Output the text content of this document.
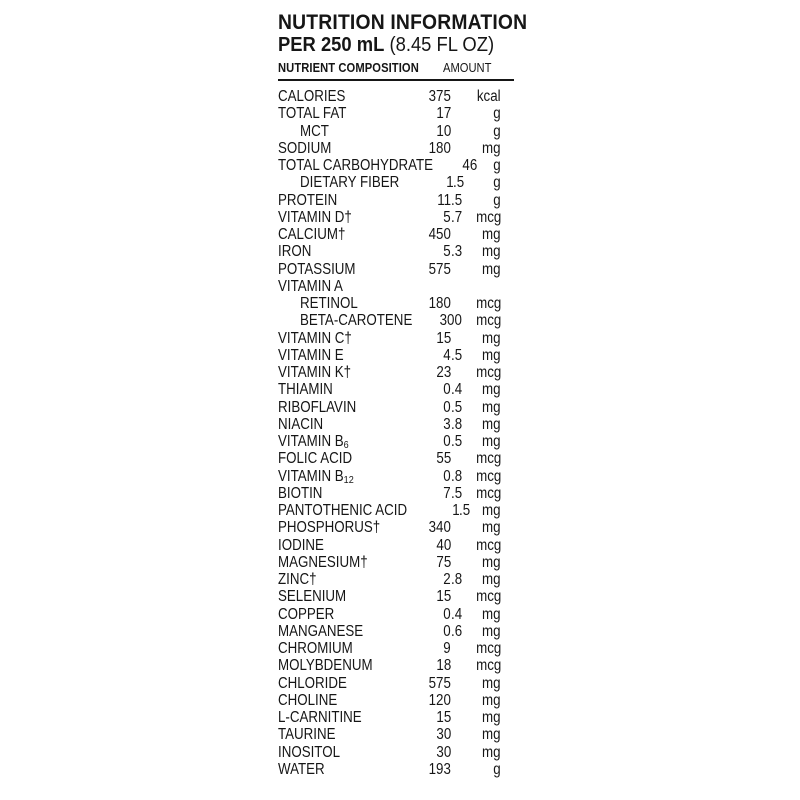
NUTRITION INFORMATION
PER 250 mL (8.45 FL OZ)
NUTRIENT COMPOSITION AMOUNT
CALORIES	375	kcal
TOTAL FAT	17	g
MCT	10	g
SODIUM	180	mg
TOTAL CARBOHYDRATE	46	g
DIETARY FIBER	1 .5	g
PROTEIN	11 .5	g
VITAMIN D†	5 .7 mcg
CALCIUM†	450	mg
IRON	5 .3	mg
POTASSIUM	575	mg
VITAMIN A
RETINOL	180	mcg
BETA-CAROTENE	300 mcg
VITAMIN C†	15	mg
VITAMIN E	4 .5	mg
VITAMIN K†	23	mcg
THIAMIN	0 .4	mg
RIBOFLAVIN	0 .5	mg
NIACIN	3 .8	mg
VITAMIN B6	0 .5	mg
FOLIC ACID	55	mcg
VITAMIN B12	0 .8 mcg
BIOTIN	7 .5 mcg
PANTOTHENIC ACID	1 .5 mg
PHOSPHORUS†	340	mg
IODINE	40	mcg
MAGNESIUM†	75	mg
ZINC†	2 .8	mg
SELENIUM	15	mcg
COPPER	0 .4	mg
MANGANESE	0 .6	mg
CHROMIUM	9	mcg
MOLYBDENUM	18	mcg
CHLORIDE	575	mg
CHOLINE	120	mg
L-CARNITINE	15	mg
TAURINE	30	mg
INOSITOL	30	mg
WATER	193	g
